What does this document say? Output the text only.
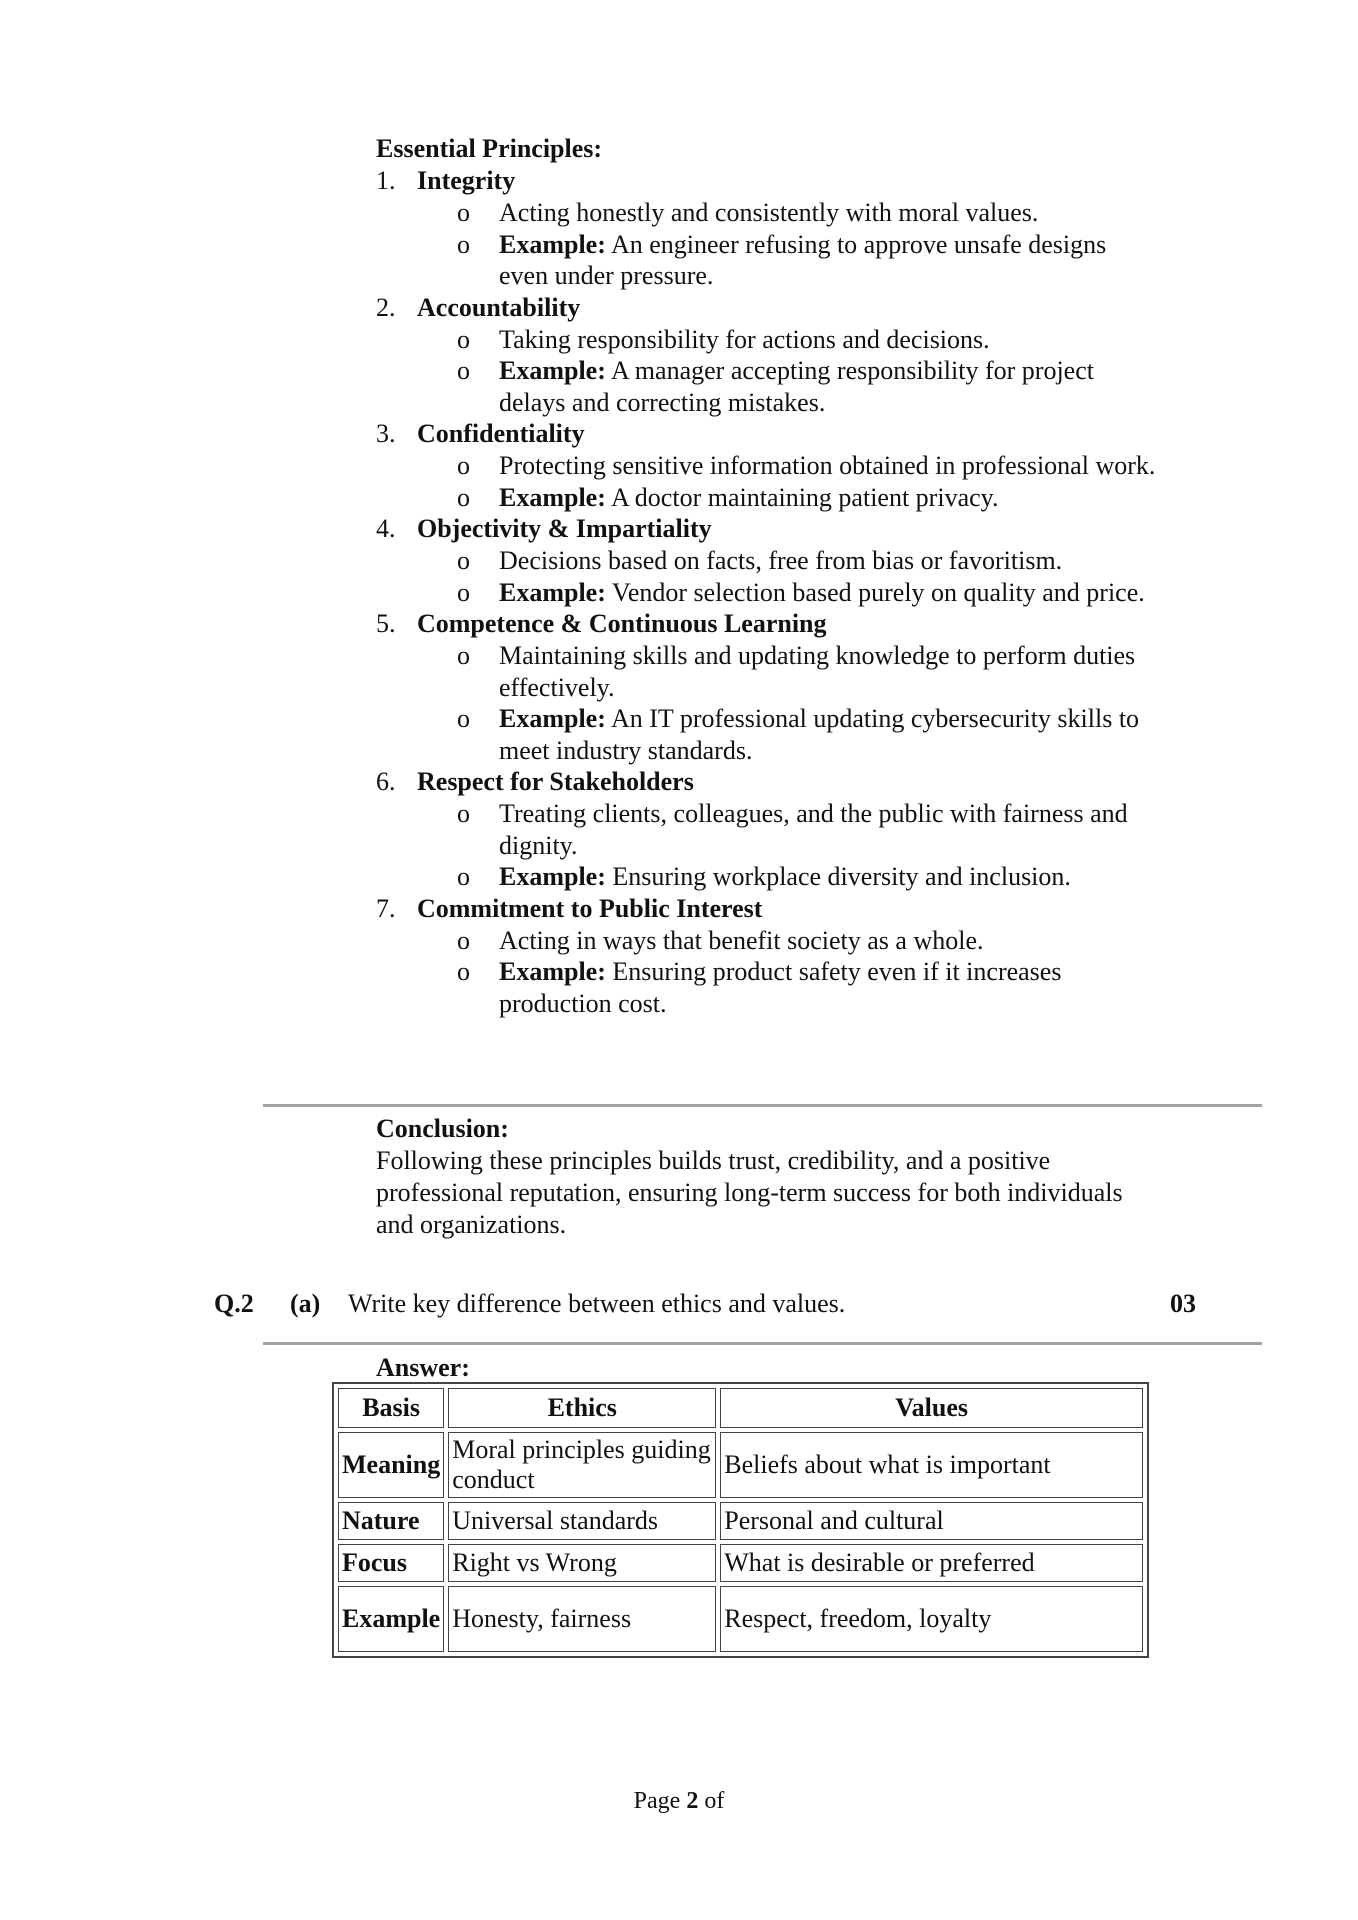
Essential Principles:
1. Integrity
o Acting honestly and consistently with moral values.
o Example: An engineer refusing to approve unsafe designs even under pressure.
2. Accountability
o Taking responsibility for actions and decisions.
o Example: A manager accepting responsibility for project delays and correcting mistakes.
3. Confidentiality
o Protecting sensitive information obtained in professional work.
o Example: A doctor maintaining patient privacy.
4. Objectivity & Impartiality
o Decisions based on facts, free from bias or favoritism.
o Example: Vendor selection based purely on quality and price.
5. Competence & Continuous Learning
o Maintaining skills and updating knowledge to perform duties effectively.
o Example: An IT professional updating cybersecurity skills to meet industry standards.
6. Respect for Stakeholders
o Treating clients, colleagues, and the public with fairness and dignity.
o Example: Ensuring workplace diversity and inclusion.
7. Commitment to Public Interest
o Acting in ways that benefit society as a whole.
o Example: Ensuring product safety even if it increases production cost.
Conclusion:
Following these principles builds trust, credibility, and a positive professional reputation, ensuring long-term success for both individuals and organizations.
Q.2 (a) Write key difference between ethics and values.	03
Answer:
Basis	Ethics	Values
Meaning	Moral principles guiding conduct	Beliefs about what is important
Nature	Universal standards	Personal and cultural
Focus	Right vs Wrong	What is desirable or preferred
Example	Honesty, fairness	Respect, freedom, loyalty
Page 2 of
